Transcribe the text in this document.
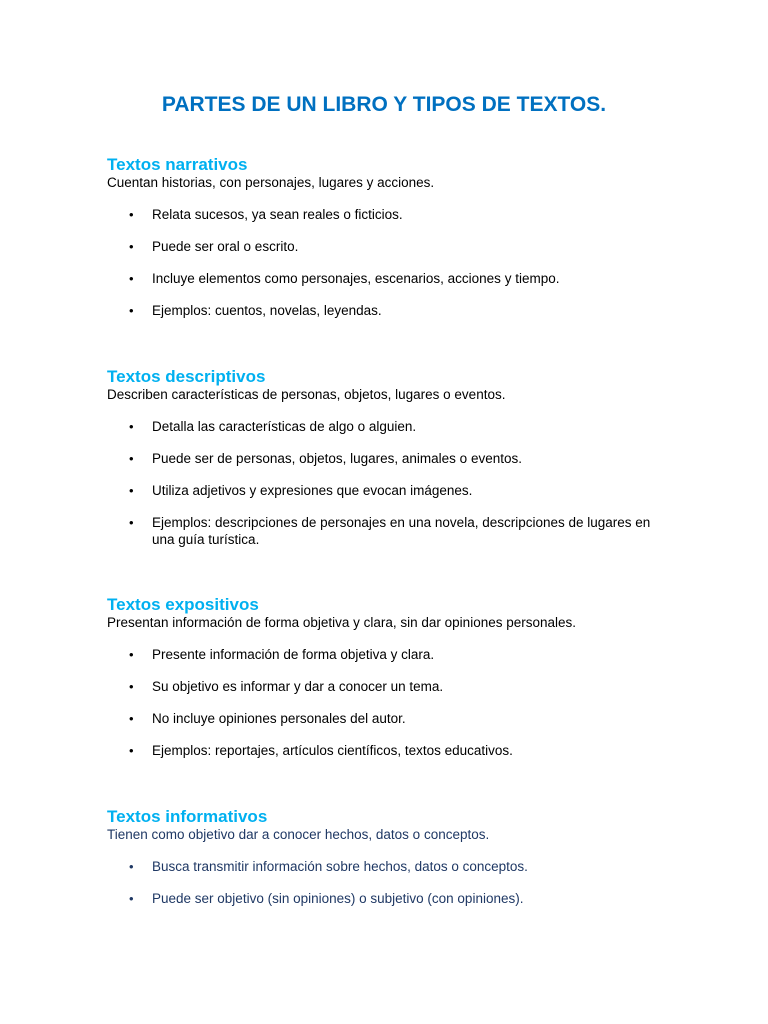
PARTES DE UN LIBRO Y TIPOS DE TEXTOS.
Textos narrativos

Cuentan historias, con personajes, lugares y acciones.

• Relata sucesos, ya sean reales o ficticios.
• Puede ser oral o escrito.
• Incluye elementos como personajes, escenarios, acciones y tiempo.
• Ejemplos: cuentos, novelas, leyendas.
Textos descriptivos

Describen características de personas, objetos, lugares o eventos.

• Detalla las características de algo o alguien.
• Puede ser de personas, objetos, lugares, animales o eventos.
• Utiliza adjetivos y expresiones que evocan imágenes.
• Ejemplos: descripciones de personajes en una novela, descripciones de lugares en una guía turística.
Textos expositivos

Presentan información de forma objetiva y clara, sin dar opiniones personales.

• Presente información de forma objetiva y clara.
• Su objetivo es informar y dar a conocer un tema.
• No incluye opiniones personales del autor.
• Ejemplos: reportajes, artículos científicos, textos educativos.
Textos informativos

Tienen como objetivo dar a conocer hechos, datos o conceptos.

• Busca transmitir información sobre hechos, datos o conceptos.
• Puede ser objetivo (sin opiniones) o subjetivo (con opiniones).
